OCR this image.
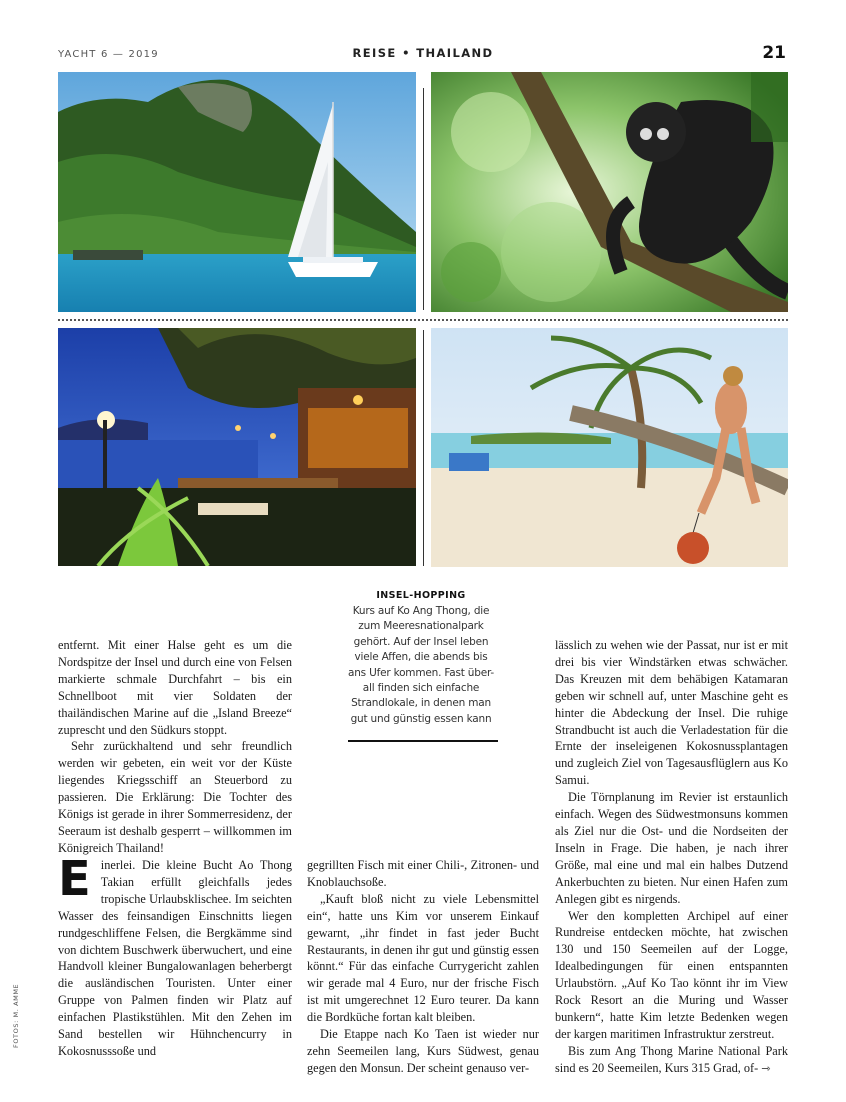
YACHT 6 — 2019	REISE • THAILAND	21
INSEL-HOPPING
Kurs auf Ko Ang Thong, die
zum Meeresnationalpark
gehört. Auf der Insel leben
viele Affen, die abends bis
ans Ufer kommen. Fast über-
all finden sich einfache
Strandlokale, in denen man
gut und günstig essen kann

entfernt. Mit einer Halse geht es um die Nordspitze der Insel und durch eine von Felsen markierte schmale Durchfahrt – bis ein Schnellboot mit vier Soldaten der thailändischen Marine auf die „Island Breeze“ zuprescht und den Südkurs stoppt.

Sehr zurückhaltend und sehr freundlich werden wir gebeten, ein weit vor der Küste liegendes Kriegsschiff an Steuerbord zu passieren. Die Erklärung: Die Tochter des Königs ist gerade in ihrer Sommerresidenz, der Seeraum ist deshalb gesperrt – willkommen im Königreich Thailand!

E inerlei. Die kleine Bucht Ao Thong Takian erfüllt gleichfalls jedes tropische Urlaubsklischee. Im seichten Wasser des feinsandigen Einschnitts liegen rundgeschliffene Felsen, die Bergkämme sind von dichtem Buschwerk überwuchert, und eine Handvoll kleiner Bungalowanlagen beherbergt die ausländischen Touristen. Unter einer Gruppe von Palmen finden wir Platz auf einfachen Plastikstühlen. Mit den Zehen im Sand bestellen wir Hühnchencurry in Kokosnusssoße und

gegrillten Fisch mit einer Chili-, Zitronen- und Knoblauchsoße.

„Kauft bloß nicht zu viele Lebensmittel ein“, hatte uns Kim vor unserem Einkauf gewarnt, „ihr findet in fast jeder Bucht Restaurants, in denen ihr gut und günstig essen könnt.“ Für das einfache Currygericht zahlen wir gerade mal 4 Euro, nur der frische Fisch ist mit umgerechnet 12 Euro teurer. Da kann die Bordküche fortan kalt bleiben.

Die Etappe nach Ko Taen ist wieder nur zehn Seemeilen lang, Kurs Südwest, genau gegen den Monsun. Der scheint genauso ver-

lässlich zu wehen wie der Passat, nur ist er mit drei bis vier Windstärken etwas schwächer. Das Kreuzen mit dem behäbigen Katamaran geben wir schnell auf, unter Maschine geht es hinter die Abdeckung der Insel. Die ruhige Strandbucht ist auch die Verladestation für die Ernte der inseleigenen Kokosnussplantagen und zugleich Ziel von Tagesausflüglern aus Ko Samui.

Die Törnplanung im Revier ist erstaunlich einfach. Wegen des Südwestmonsuns kommen als Ziel nur die Ost- und die Nordseiten der Inseln in Frage. Die haben, je nach ihrer Größe, mal eine und mal ein halbes Dutzend Ankerbuchten zu bieten. Nur einen Hafen zum Anlegen gibt es nirgends.

Wer den kompletten Archipel auf einer Rundreise entdecken möchte, hat zwischen 130 und 150 Seemeilen auf der Logge, Idealbedingungen für einen entspannten Urlaubstörn. „Auf Ko Tao könnt ihr im View Rock Resort an die Muring und Wasser bunkern“, hatte Kim letzte Bedenken wegen der kargen maritimen Infrastruktur zerstreut.

Bis zum Ang Thong Marine National Park sind es 20 Seemeilen, Kurs 315 Grad, of- ⇾

FOTOS: M. AMME
